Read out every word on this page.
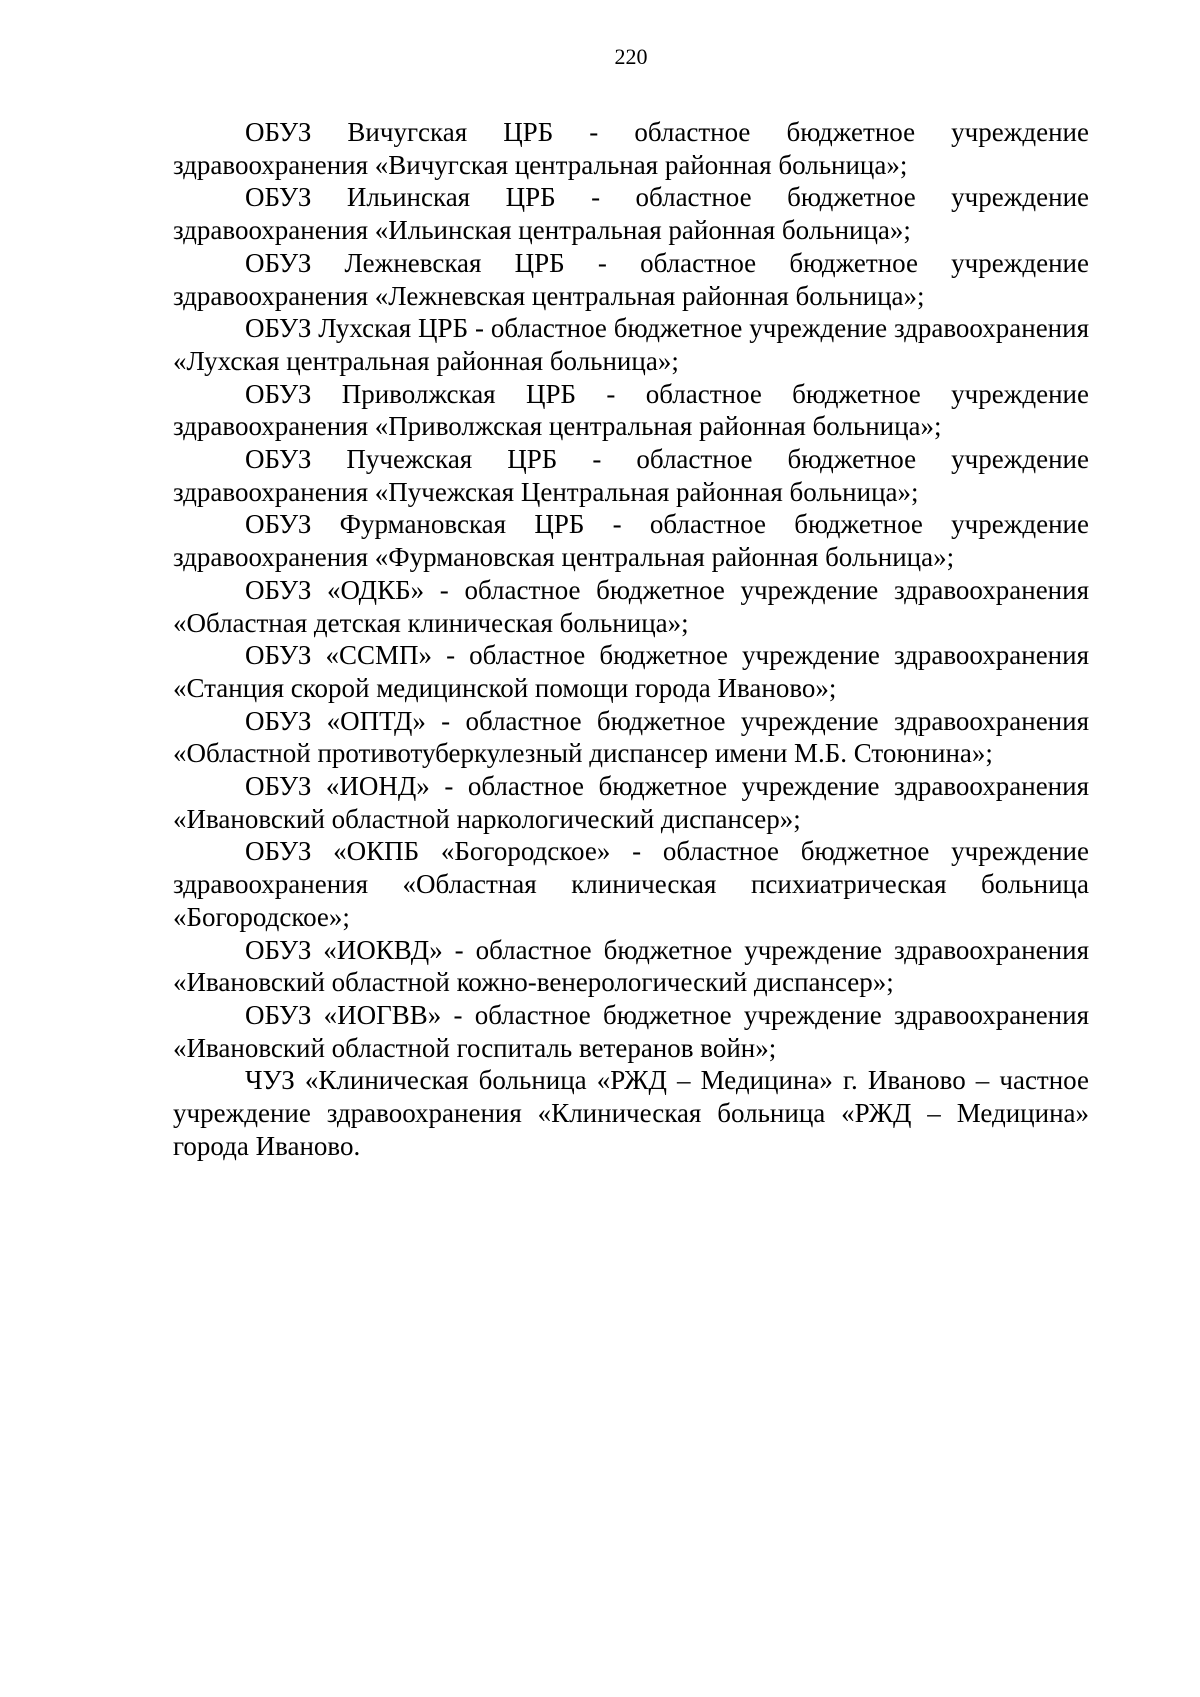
220

ОБУЗ Вичугская ЦРБ - областное бюджетное учреждение здравоохранения «Вичугская центральная районная больница»;

ОБУЗ Ильинская ЦРБ - областное бюджетное учреждение здравоохранения «Ильинская центральная районная больница»;

ОБУЗ Лежневская ЦРБ - областное бюджетное учреждение здравоохранения «Лежневская центральная районная больница»;

ОБУЗ Лухская ЦРБ - областное бюджетное учреждение здравоохранения «Лухская центральная районная больница»;

ОБУЗ Приволжская ЦРБ - областное бюджетное учреждение здравоохранения «Приволжская центральная районная больница»;

ОБУЗ Пучежская ЦРБ - областное бюджетное учреждение здравоохранения «Пучежская Центральная районная больница»;

ОБУЗ Фурмановская ЦРБ - областное бюджетное учреждение здравоохранения «Фурмановская центральная районная больница»;

ОБУЗ «ОДКБ» - областное бюджетное учреждение здравоохранения «Областная детская клиническая больница»;

ОБУЗ «ССМП» - областное бюджетное учреждение здравоохранения «Станция скорой медицинской помощи города Иваново»;

ОБУЗ «ОПТД» - областное бюджетное учреждение здравоохранения «Областной противотуберкулезный диспансер имени М.Б. Стоюнина»;

ОБУЗ «ИОНД» - областное бюджетное учреждение здравоохранения «Ивановский областной наркологический диспансер»;

ОБУЗ «ОКПБ «Богородское» - областное бюджетное учреждение здравоохранения «Областная клиническая психиатрическая больница «Богородское»;

ОБУЗ «ИОКВД» - областное бюджетное учреждение здравоохранения «Ивановский областной кожно-венерологический диспансер»;

ОБУЗ «ИОГВВ» - областное бюджетное учреждение здравоохранения «Ивановский областной госпиталь ветеранов войн»;

ЧУЗ «Клиническая больница «РЖД – Медицина» г. Иваново – частное учреждение здравоохранения «Клиническая больница «РЖД – Медицина» города Иваново.
